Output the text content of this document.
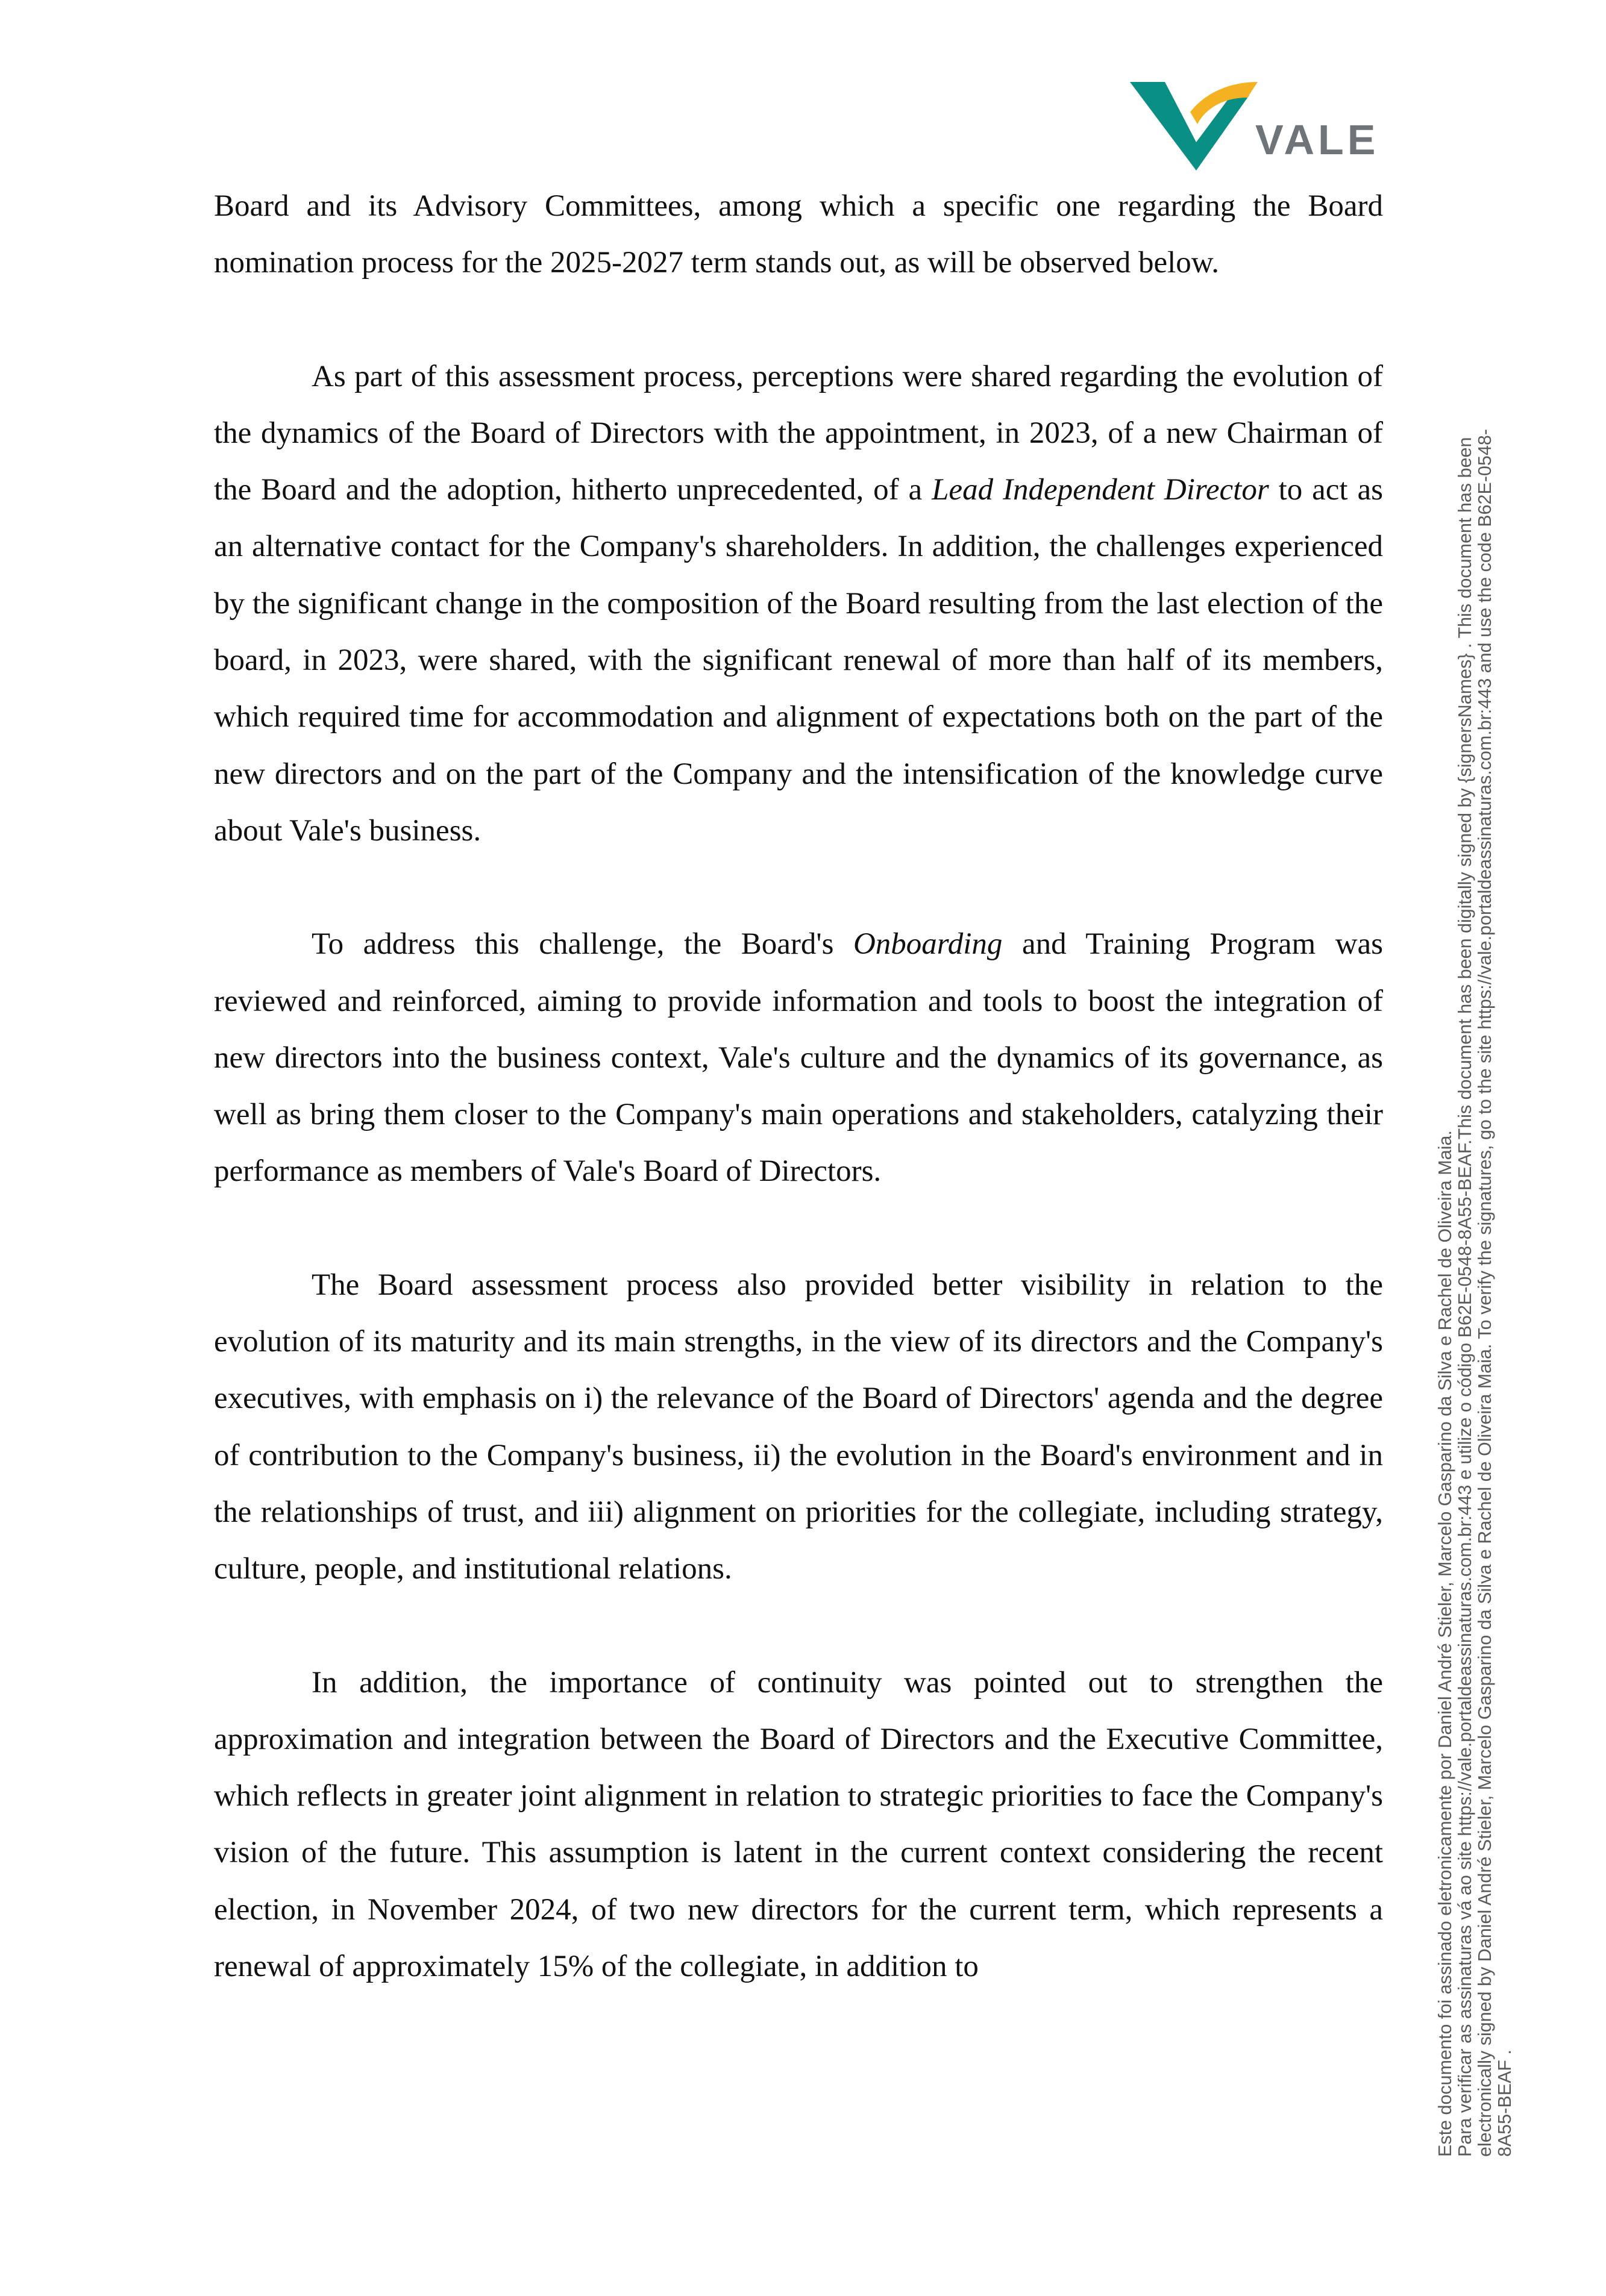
VALE

Board and its Advisory Committees, among which a specific one regarding the Board nomination process for the 2025-2027 term stands out, as will be observed below.

As part of this assessment process, perceptions were shared regarding the evolution of the dynamics of the Board of Directors with the appointment, in 2023, of a new Chairman of the Board and the adoption, hitherto unprecedented, of a Lead Independent Director to act as an alternative contact for the Company's shareholders. In addition, the challenges experienced by the significant change in the composition of the Board resulting from the last election of the board, in 2023, were shared, with the significant renewal of more than half of its members, which required time for accommodation and alignment of expectations both on the part of the new directors and on the part of the Company and the intensification of the knowledge curve about Vale's business.

To address this challenge, the Board's Onboarding and Training Program was reviewed and reinforced, aiming to provide information and tools to boost the integration of new directors into the business context, Vale's culture and the dynamics of its governance, as well as bring them closer to the Company's main operations and stakeholders, catalyzing their performance as members of Vale's Board of Directors.

The Board assessment process also provided better visibility in relation to the evolution of its maturity and its main strengths, in the view of its directors and the Company's executives, with emphasis on i) the relevance of the Board of Directors' agenda and the degree of contribution to the Company's business, ii) the evolution in the Board's environment and in the relationships of trust, and iii) alignment on priorities for the collegiate, including strategy, culture, people, and institutional relations.

In addition, the importance of continuity was pointed out to strengthen the approximation and integration between the Board of Directors and the Executive Committee, which reflects in greater joint alignment in relation to strategic priorities to face the Company's vision of the future. This assumption is latent in the current context considering the recent election, in November 2024, of two new directors for the current term, which represents a renewal of approximately 15% of the collegiate, in addition to	Este documento foi assinado eletronicamente por Daniel André Stieler, Marcelo Gasparino da Silva e Rachel de Oliveira Maia. Para verificar as assinaturas vá ao site https://vale.portaldeassinaturas.com.br:443 e utilize o código B62E-0548-8A55-BEAF.This document has been digitally signed by {signersNames} . This document has been electronically signed by Daniel André Stieler, Marcelo Gasparino da Silva e Rachel de Oliveira Maia. To verify the signatures, go to the site https://vale.portaldeassinaturas.com.br:443 and use the code B62E-0548- 8A55-BEAF .
